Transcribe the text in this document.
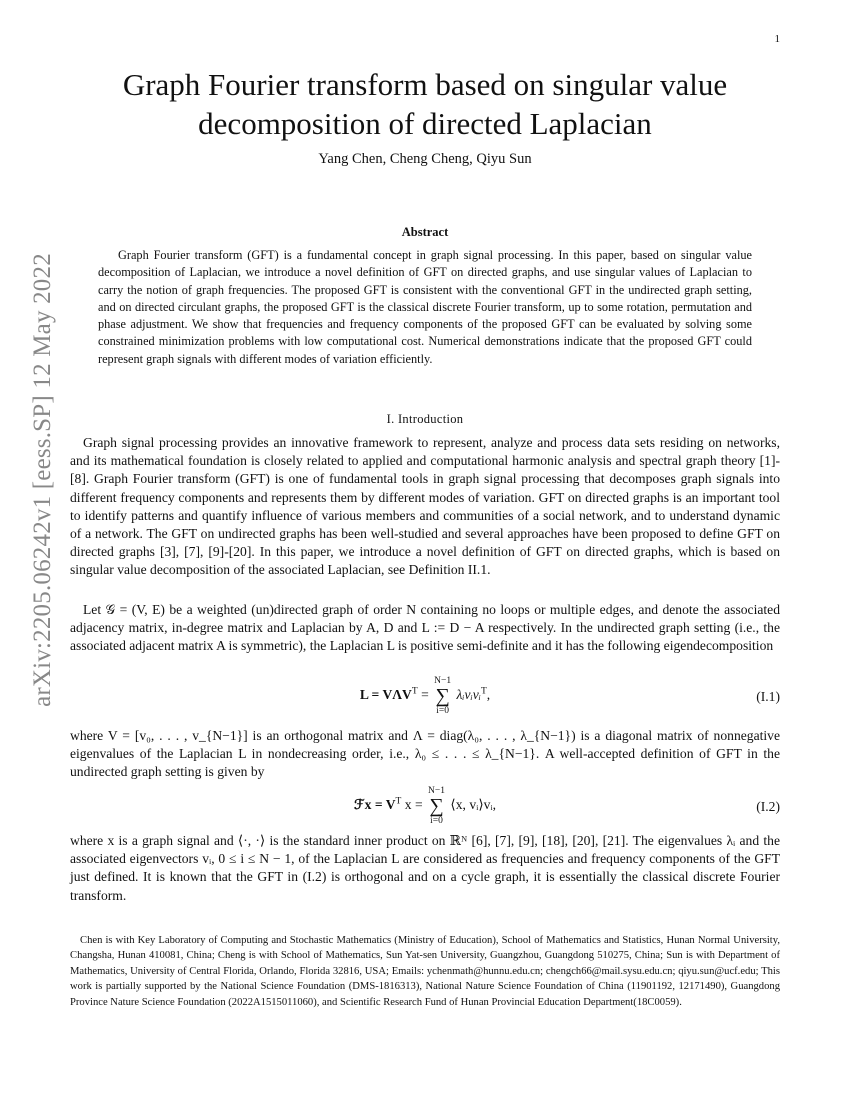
1
arXiv:2205.06242v1 [eess.SP] 12 May 2022
Graph Fourier transform based on singular value
decomposition of directed Laplacian
Yang Chen, Cheng Cheng, Qiyu Sun
Abstract

Graph Fourier transform (GFT) is a fundamental concept in graph signal processing. In this paper, based on singular value decomposition of Laplacian, we introduce a novel definition of GFT on directed graphs, and use singular values of Laplacian to carry the notion of graph frequencies. The proposed GFT is consistent with the conventional GFT in the undirected graph setting, and on directed circulant graphs, the proposed GFT is the classical discrete Fourier transform, up to some rotation, permutation and phase adjustment. We show that frequencies and frequency components of the proposed GFT can be evaluated by solving some constrained minimization problems with low computational cost. Numerical demonstrations indicate that the proposed GFT could represent graph signals with different modes of variation efficiently.

I. Introduction

Graph signal processing provides an innovative framework to represent, analyze and process data sets residing on networks, and its mathematical foundation is closely related to applied and computational harmonic analysis and spectral graph theory [1]-[8]. Graph Fourier transform (GFT) is one of fundamental tools in graph signal processing that decomposes graph signals into different frequency components and represents them by different modes of variation. GFT on directed graphs is an important tool to identify patterns and quantify influence of various members and communities of a social network, and to understand dynamic of a network. The GFT on undirected graphs has been well-studied and several approaches have been proposed to define GFT on directed graphs [3], [7], [9]-[20]. In this paper, we introduce a novel definition of GFT on directed graphs, which is based on singular value decomposition of the associated Laplacian, see Definition II.1.

Let 𝒢 = (V, E) be a weighted (un)directed graph of order N containing no loops or multiple edges, and denote the associated adjacency matrix, in-degree matrix and Laplacian by A, D and L := D − A respectively. In the undirected graph setting (i.e., the associated adjacent matrix A is symmetric), the Laplacian L is positive semi-definite and it has the following eigendecomposition

$L = V\Lambda V^T$ =
N−1
∑
i=0
λᵢvᵢvᵢ$^T$,	(I.1)

where V = [v₀, . . . , v_{N−1}] is an orthogonal matrix and Λ = diag(λ₀, . . . , λ_{N−1}) is a diagonal matrix of nonnegative eigenvalues of the Laplacian L in nondecreasing order, i.e., λ₀ ≤ . . . ≤ λ_{N−1}. A well-accepted definition of GFT in the undirected graph setting is given by

ℱx = $V^T$ x =
N−1
∑
i=0
⟨x, vᵢ⟩vᵢ,	(I.2)

where x is a graph signal and ⟨·, ·⟩ is the standard inner product on ℝᴺ [6], [7], [9], [18], [20], [21]. The eigenvalues λᵢ and the associated eigenvectors vᵢ, 0 ≤ i ≤ N − 1, of the Laplacian L are considered as frequencies and frequency components of the GFT just defined. It is known that the GFT in (I.2) is orthogonal and on a cycle graph, it is essentially the classical discrete Fourier transform.

Chen is with Key Laboratory of Computing and Stochastic Mathematics (Ministry of Education), School of Mathematics and Statistics, Hunan Normal University, Changsha, Hunan 410081, China; Cheng is with School of Mathematics, Sun Yat-sen University, Guangzhou, Guangdong 510275, China; Sun is with Department of Mathematics, University of Central Florida, Orlando, Florida 32816, USA; Emails: ychenmath@hunnu.edu.cn; chengch66@mail.sysu.edu.cn; qiyu.sun@ucf.edu; This work is partially supported by the National Science Foundation (DMS-1816313), National Nature Science Foundation of China (11901192, 12171490), Guangdong Province Nature Science Foundation (2022A1515011060), and Scientific Research Fund of Hunan Provincial Education Department(18C0059).
